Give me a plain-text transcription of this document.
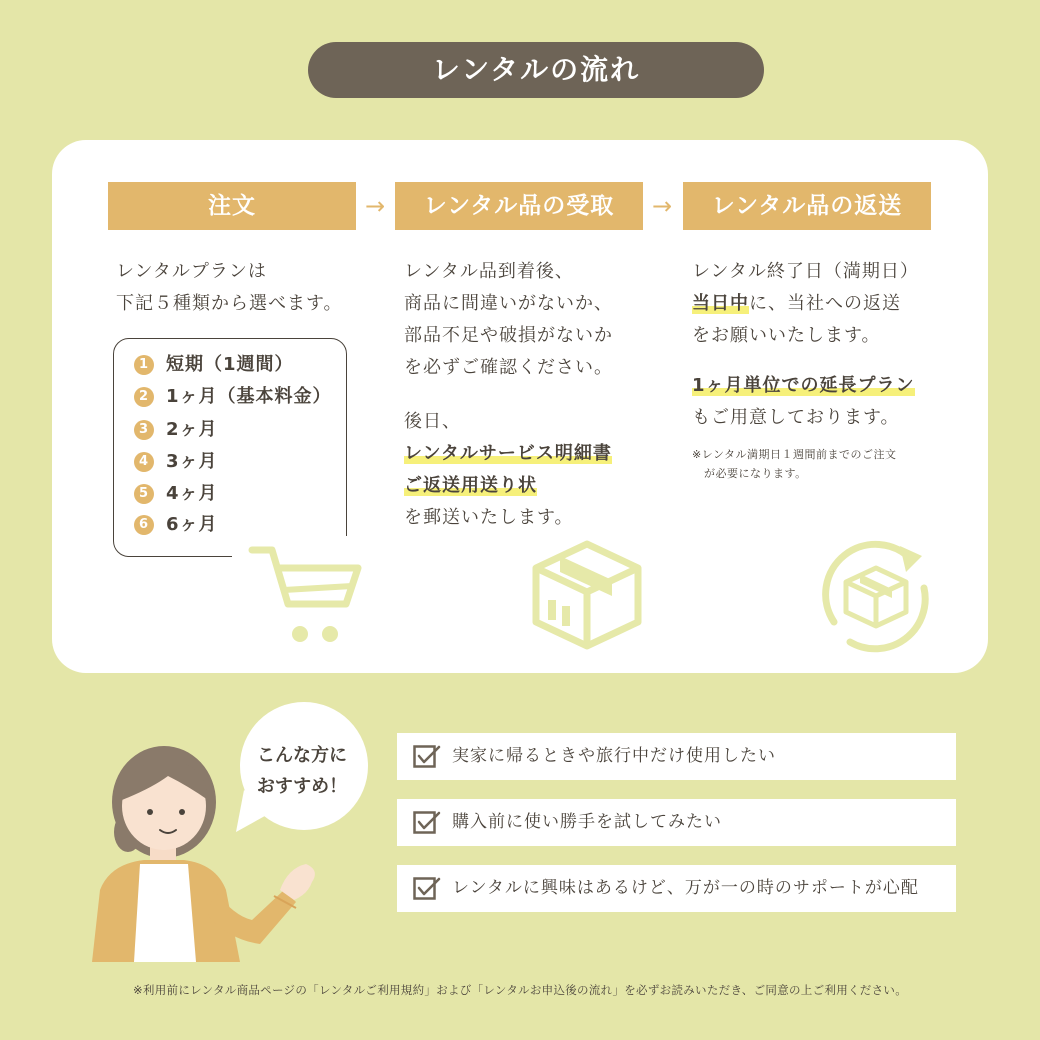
レンタルの流れ
注文	→	レンタル品の受取	→	レンタル品の返送

レンタルプランは

下記５種類から選べます。

1 短期（1週間）
2 1ヶ月（基本料金）
3 2ヶ月
4 3ヶ月
5 4ヶ月
6 6ヶ月

レンタル品到着後、

商品に間違いがないか、

部品不足や破損がないか

を必ずご確認ください。

後日、

レンタルサービス明細書

ご返送用送り状

を郵送いたします。

レンタル終了日（満期日）

当日中に、当社への返送

をお願いいたします。

1ヶ月単位での延長プラン

もご用意しております。

※レンタル満期日１週間前までのご注文
が必要になります。
こんな方に
おすすめ！
実家に帰るときや旅行中だけ使用したい
購入前に使い勝手を試してみたい
レンタルに興味はあるけど、万が一の時のサポートが心配
※利用前にレンタル商品ページの「レンタルご利用規約」および「レンタルお申込後の流れ」を必ずお読みいただき、ご同意の上ご利用ください。
